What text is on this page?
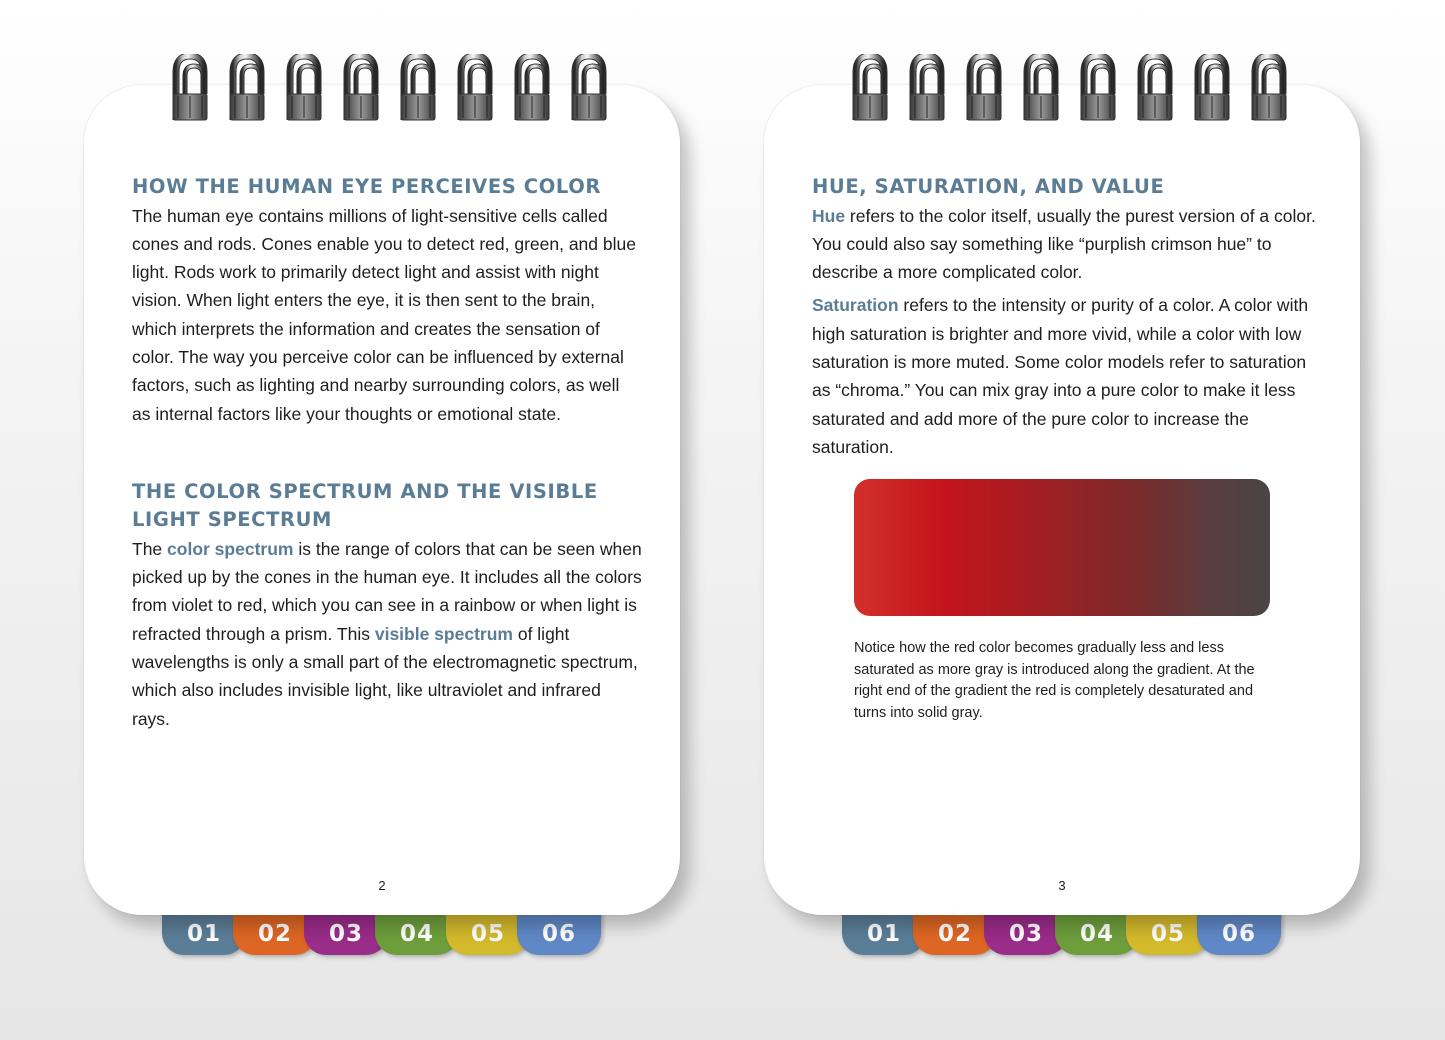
01	02	03	04	05	06
HOW THE HUMAN EYE PERCEIVES COLOR

The human eye contains millions of light-sensitive cells called cones and rods. Cones enable you to detect red, green, and blue light. Rods work to primarily detect light and assist with night vision. When light enters the eye, it is then sent to the brain, which interprets the information and creates the sensation of color. The way you perceive color can be influenced by external factors, such as lighting and nearby surrounding colors, as well as internal factors like your thoughts or emotional state.

THE COLOR SPECTRUM AND THE VISIBLE
LIGHT SPECTRUM

The color spectrum is the range of colors that can be seen when picked up by the cones in the human eye. It includes all the colors from violet to red, which you can see in a rainbow or when light is refracted through a prism. This visible spectrum of light wavelengths is only a small part of the electromagnetic spectrum, which also includes invisible light, like ultraviolet and infrared rays.

2
01	02	03	04	05	06
HUE, SATURATION, AND VALUE

Hue refers to the color itself, usually the purest version of a color. You could also say something like “purplish crimson hue” to describe a more complicated color.

Saturation refers to the intensity or purity of a color. A color with high saturation is brighter and more vivid, while a color with low saturation is more muted. Some color models refer to saturation as “chroma.” You can mix gray into a pure color to make it less saturated and add more of the pure color to increase the saturation.

Notice how the red color becomes gradually less and less saturated as more gray is introduced along the gradient. At the right end of the gradient the red is completely desaturated and turns into solid gray.
3
